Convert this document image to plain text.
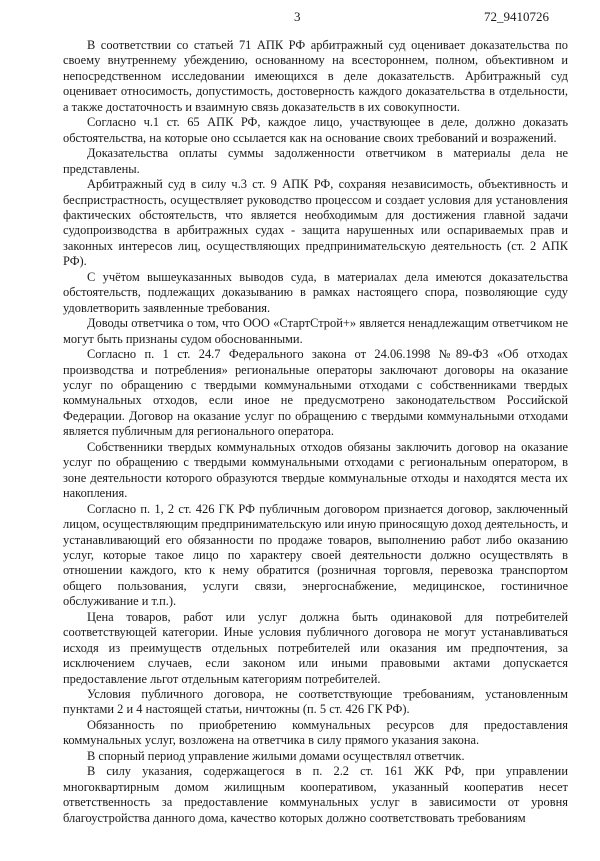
3	72_9410726

В соответствии со статьей 71 АПК РФ арбитражный суд оценивает доказательства по своему внутреннему убеждению, основанному на всестороннем, полном, объективном и непосредственном исследовании имеющихся в деле доказательств. Арбитражный суд оценивает относимость, допустимость, достоверность каждого доказательства в отдельности, а также достаточность и взаимную связь доказательств в их совокупности.

Согласно ч.1 ст. 65 АПК РФ, каждое лицо, участвующее в деле, должно доказать обстоятельства, на которые оно ссылается как на основание своих требований и возражений.

Доказательства оплаты суммы задолженности ответчиком в материалы дела не представлены.

Арбитражный суд в силу ч.3 ст. 9 АПК РФ, сохраняя независимость, объективность и беспристрастность, осуществляет руководство процессом и создает условия для установления фактических обстоятельств, что является необходимым для достижения главной задачи судопроизводства в арбитражных судах - защита нарушенных или оспариваемых прав и законных интересов лиц, осуществляющих предпринимательскую деятельность (ст. 2 АПК РФ).

С учётом вышеуказанных выводов суда, в материалах дела имеются доказательства обстоятельств, подлежащих доказыванию в рамках настоящего спора, позволяющие суду удовлетворить заявленные требования.

Доводы ответчика о том, что ООО «СтартСтрой+» является ненадлежащим ответчиком не могут быть признаны судом обоснованными.

Согласно п. 1 ст. 24.7 Федерального закона от 24.06.1998 №89-ФЗ «Об отходах производства и потребления» региональные операторы заключают договоры на оказание услуг по обращению с твердыми коммунальными отходами с собственниками твердых коммунальных отходов, если иное не предусмотрено законодательством Российской Федерации. Договор на оказание услуг по обращению с твердыми коммунальными отходами является публичным для регионального оператора.

Собственники твердых коммунальных отходов обязаны заключить договор на оказание услуг по обращению с твердыми коммунальными отходами с региональным оператором, в зоне деятельности которого образуются твердые коммунальные отходы и находятся места их накопления.

Согласно п. 1, 2 ст. 426 ГК РФ публичным договором признается договор, заключенный лицом, осуществляющим предпринимательскую или иную приносящую доход деятельность, и устанавливающий его обязанности по продаже товаров, выполнению работ либо оказанию услуг, которые такое лицо по характеру своей деятельности должно осуществлять в отношении каждого, кто к нему обратится (розничная торговля, перевозка транспортом общего пользования, услуги связи, энергоснабжение, медицинское, гостиничное обслуживание и т.п.).

Цена товаров, работ или услуг должна быть одинаковой для потребителей соответствующей категории. Иные условия публичного договора не могут устанавливаться исходя из преимуществ отдельных потребителей или оказания им предпочтения, за исключением случаев, если законом или иными правовыми актами допускается предоставление льгот отдельным категориям потребителей.

Условия публичного договора, не соответствующие требованиям, установленным пунктами 2 и 4 настоящей статьи, ничтожны (п. 5 ст. 426 ГК РФ).

Обязанность по приобретению коммунальных ресурсов для предоставления коммунальных услуг, возложена на ответчика в силу прямого указания закона.

В спорный период управление жилыми домами осуществлял ответчик.

В силу указания, содержащегося в п. 2.2 ст. 161 ЖК РФ, при управлении многоквартирным домом жилищным кооперативом, указанный кооператив несет ответственность за предоставление коммунальных услуг в зависимости от уровня благоустройства данного дома, качество которых должно соответствовать требованиям
